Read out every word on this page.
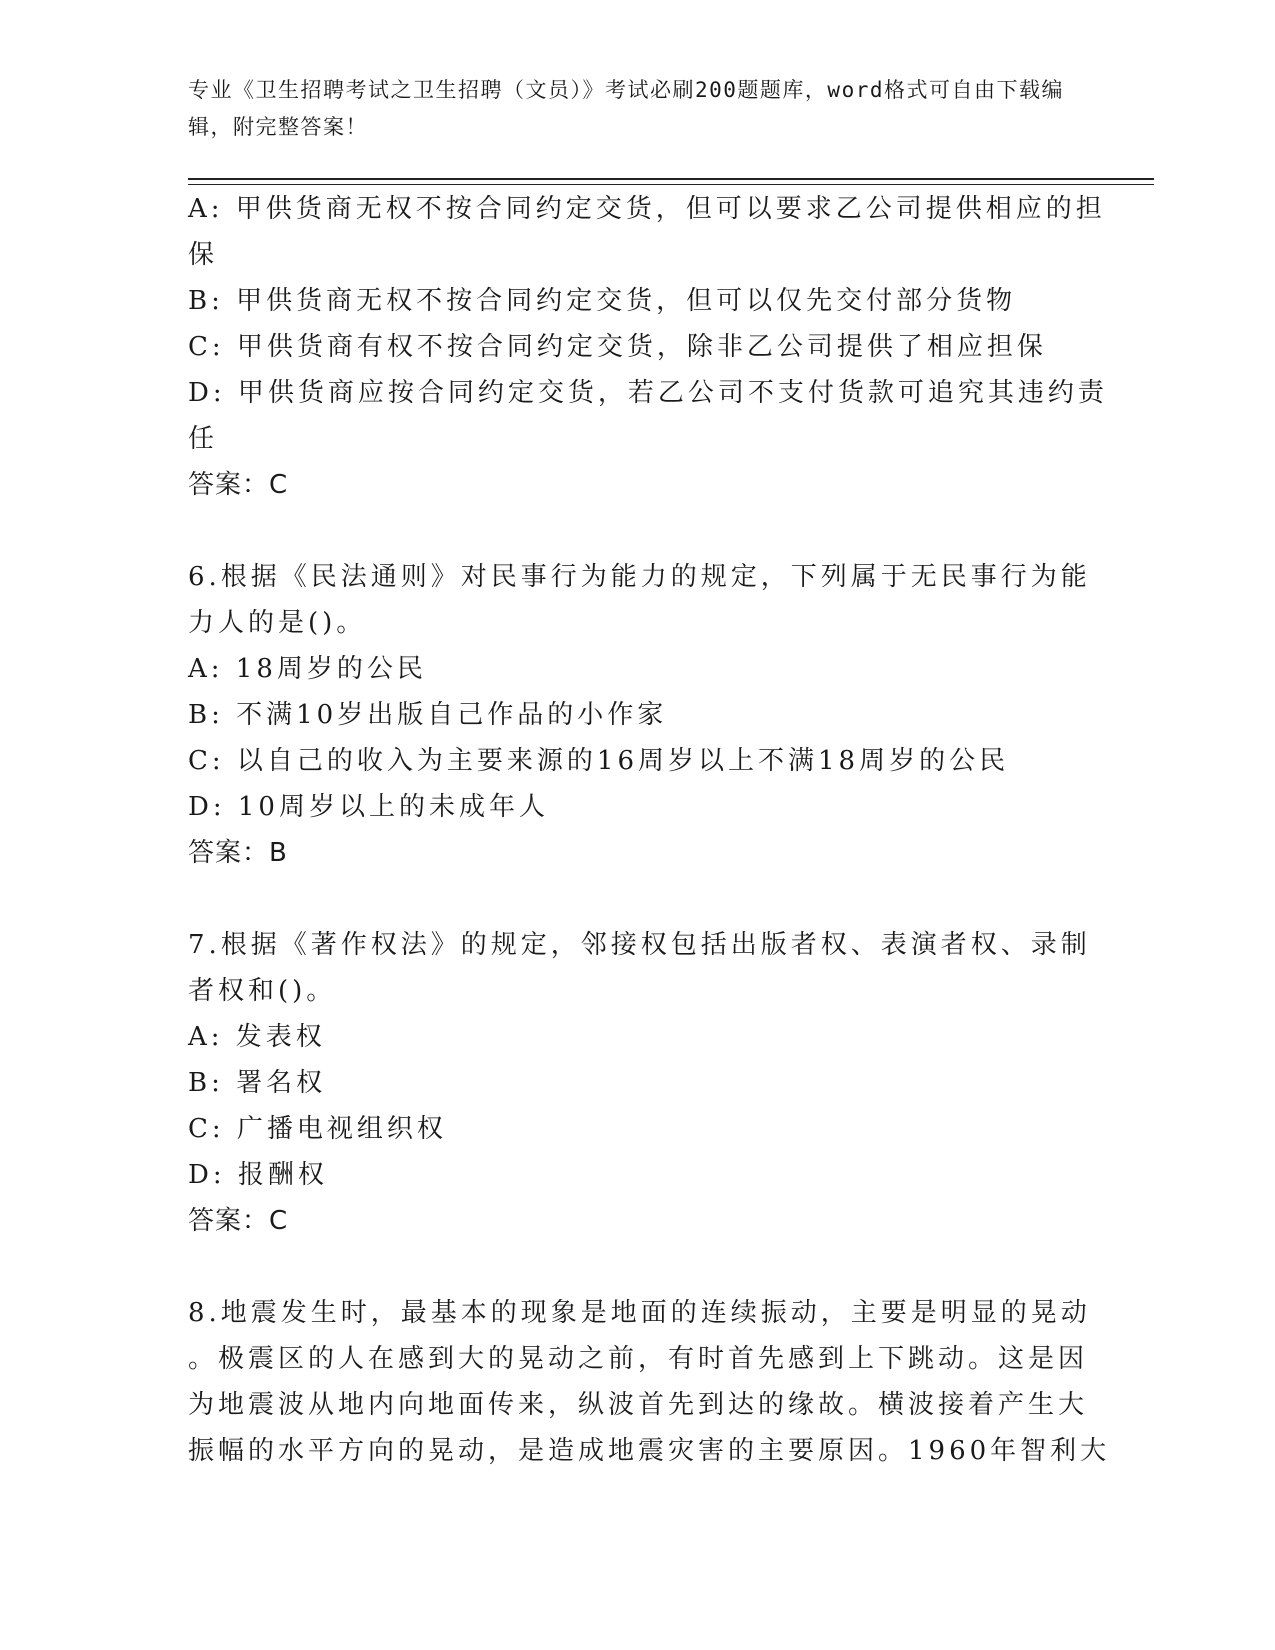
专业《卫生招聘考试之卫生招聘（文员）》考试必刷200题题库，word格式可自由下载编辑，附完整答案！
A: 甲供货商无权不按合同约定交货，但可以要求乙公司提供相应的担
保
B: 甲供货商无权不按合同约定交货，但可以仅先交付部分货物
C: 甲供货商有权不按合同约定交货，除非乙公司提供了相应担保
D: 甲供货商应按合同约定交货，若乙公司不支付货款可追究其违约责
任
答案：C
6.根据《民法通则》对民事行为能力的规定，下列属于无民事行为能
力人的是()。
A: 18周岁的公民
B: 不满10岁出版自己作品的小作家
C: 以自己的收入为主要来源的16周岁以上不满18周岁的公民
D: 10周岁以上的未成年人
答案：B
7.根据《著作权法》的规定，邻接权包括出版者权、表演者权、录制
者权和()。
A: 发表权
B: 署名权
C: 广播电视组织权
D: 报酬权
答案：C
8.地震发生时，最基本的现象是地面的连续振动，主要是明显的晃动
。极震区的人在感到大的晃动之前，有时首先感到上下跳动。这是因
为地震波从地内向地面传来，纵波首先到达的缘故。横波接着产生大
振幅的水平方向的晃动，是造成地震灾害的主要原因。1960年智利大
